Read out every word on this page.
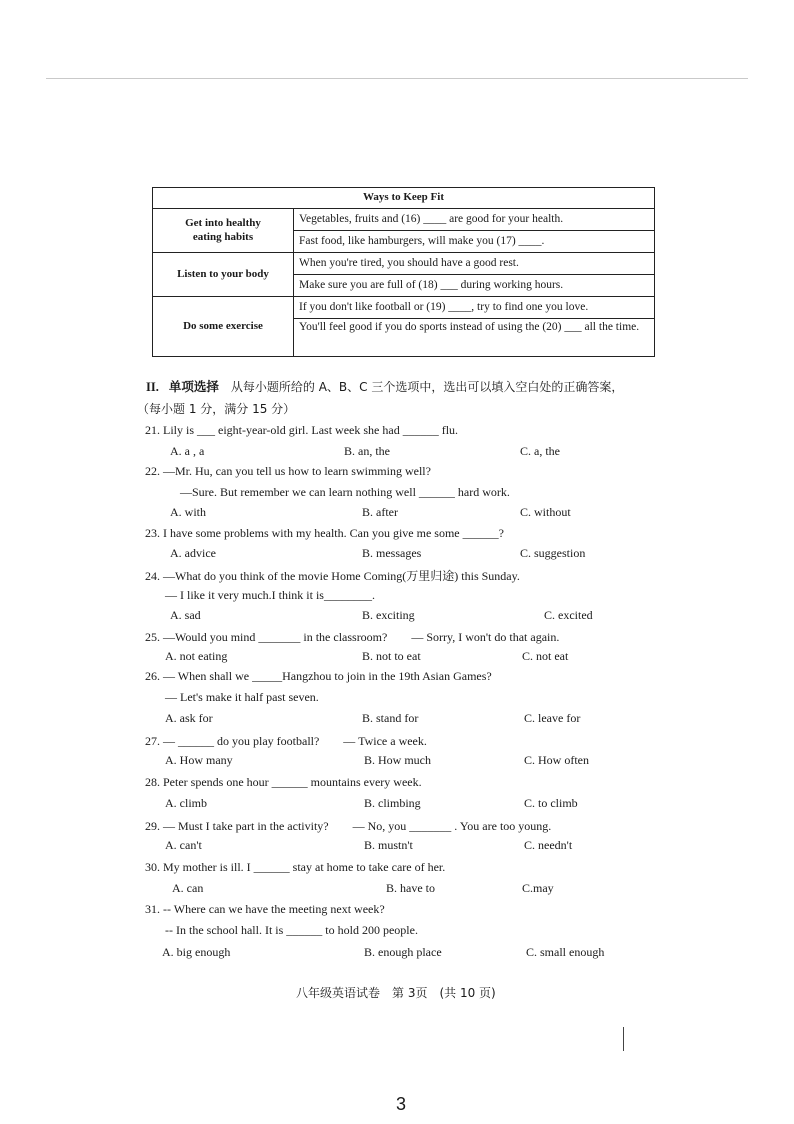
Ways to Keep Fit	

Get into healthy
eating habits	Vegetables, fruits and (16) ____ are good for your health.
	Fast food, like hamburgers, will make you (17) ____.

Listen to your body	When you're tired, you should have a good rest.
	Make sure you are full of (18) ___ during working hours.

Do some exercise	If you don't like football or (19) ____, try to find one you love.
	You'll feel good if you do sports instead of using the (20) ___ all the time.
II. 单项选择 从每小题所给的 A、B、C 三个选项中，选出可以填入空白处的正确答案，
（每小题 1 分，满分 15 分）
21. Lily is ___ eight-year-old girl. Last week she had ______ flu.
A. a , a	B. an, the	C. a, the
22. —Mr. Hu, can you tell us how to learn swimming well?
—Sure. But remember we can learn nothing well ______ hard work.
A. with	B. after	C. without
23. I have some problems with my health. Can you give me some ______?
A. advice	B. messages	C. suggestion
24. —What do you think of the movie Home Coming(万里归途) this Sunday.
— I like it very much.I think it is________.
A. sad	B. exciting	C. excited
25. —Would you mind _______ in the classroom?　　— Sorry, I won't do that again.
A. not eating	B. not to eat	C. not eat
26. — When shall we _____Hangzhou to join in the 19th Asian Games?
— Let's make it half past seven.
A. ask for	B. stand for	C. leave for
27. — ______ do you play football?　　— Twice a week.
A. How many	B. How much	C. How often
28. Peter spends one hour ______ mountains every week.
A. climb	B. climbing	C. to climb
29. — Must I take part in the activity?　　— No, you _______ . You are too young.
A. can't	B. mustn't	C. needn't
30. My mother is ill. I ______ stay at home to take care of her.
A. can	B. have to	C.may
31. -- Where can we have the meeting next week?
-- In the school hall. It is ______ to hold 200 people.
A. big enough	B. enough place	C. small enough
八年级英语试卷　第 3页　(共 10 页)
3
